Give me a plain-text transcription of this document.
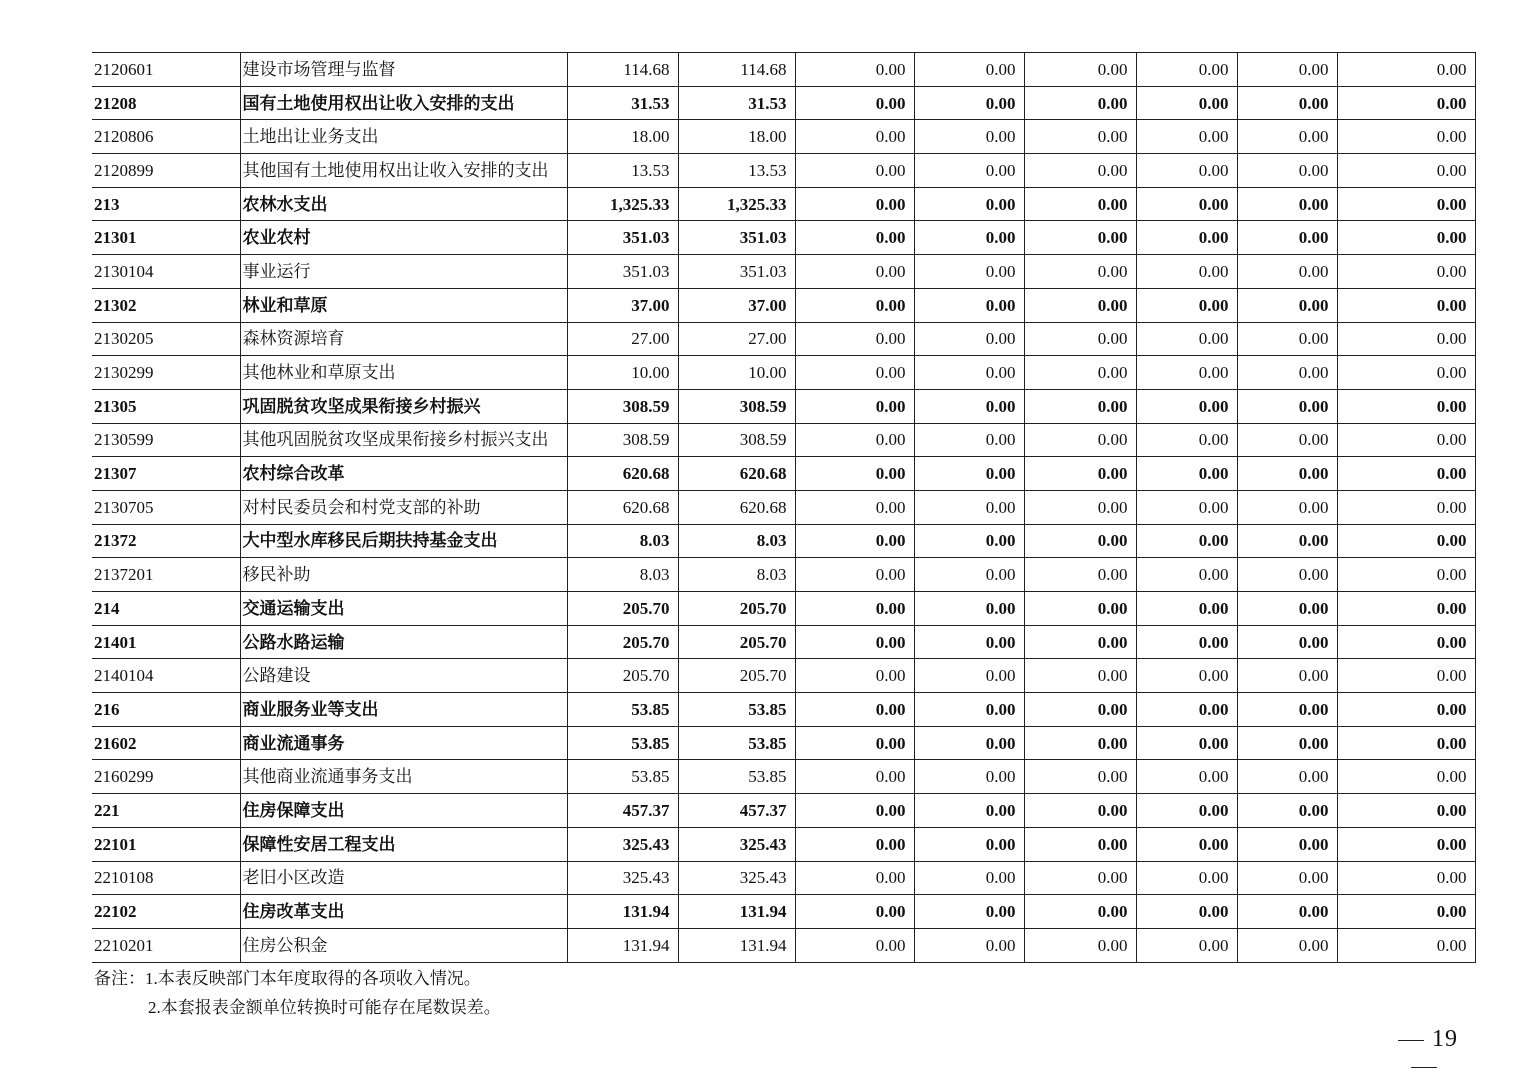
2120601	建设市场管理与监督	114.68	114.68	0.00	0.00	0.00	0.00	0.00	0.00
21208	国有土地使用权出让收入安排的支出	31.53	31.53	0.00	0.00	0.00	0.00	0.00	0.00
2120806	土地出让业务支出	18.00	18.00	0.00	0.00	0.00	0.00	0.00	0.00
2120899	其他国有土地使用权出让收入安排的支出	13.53	13.53	0.00	0.00	0.00	0.00	0.00	0.00
213	农林水支出	1,325.33	1,325.33	0.00	0.00	0.00	0.00	0.00	0.00
21301	农业农村	351.03	351.03	0.00	0.00	0.00	0.00	0.00	0.00
2130104	事业运行	351.03	351.03	0.00	0.00	0.00	0.00	0.00	0.00
21302	林业和草原	37.00	37.00	0.00	0.00	0.00	0.00	0.00	0.00
2130205	森林资源培育	27.00	27.00	0.00	0.00	0.00	0.00	0.00	0.00
2130299	其他林业和草原支出	10.00	10.00	0.00	0.00	0.00	0.00	0.00	0.00
21305	巩固脱贫攻坚成果衔接乡村振兴	308.59	308.59	0.00	0.00	0.00	0.00	0.00	0.00
2130599	其他巩固脱贫攻坚成果衔接乡村振兴支出	308.59	308.59	0.00	0.00	0.00	0.00	0.00	0.00
21307	农村综合改革	620.68	620.68	0.00	0.00	0.00	0.00	0.00	0.00
2130705	对村民委员会和村党支部的补助	620.68	620.68	0.00	0.00	0.00	0.00	0.00	0.00
21372	大中型水库移民后期扶持基金支出	8.03	8.03	0.00	0.00	0.00	0.00	0.00	0.00
2137201	移民补助	8.03	8.03	0.00	0.00	0.00	0.00	0.00	0.00
214	交通运输支出	205.70	205.70	0.00	0.00	0.00	0.00	0.00	0.00
21401	公路水路运输	205.70	205.70	0.00	0.00	0.00	0.00	0.00	0.00
2140104	公路建设	205.70	205.70	0.00	0.00	0.00	0.00	0.00	0.00
216	商业服务业等支出	53.85	53.85	0.00	0.00	0.00	0.00	0.00	0.00
21602	商业流通事务	53.85	53.85	0.00	0.00	0.00	0.00	0.00	0.00
2160299	其他商业流通事务支出	53.85	53.85	0.00	0.00	0.00	0.00	0.00	0.00
221	住房保障支出	457.37	457.37	0.00	0.00	0.00	0.00	0.00	0.00
22101	保障性安居工程支出	325.43	325.43	0.00	0.00	0.00	0.00	0.00	0.00
2210108	老旧小区改造	325.43	325.43	0.00	0.00	0.00	0.00	0.00	0.00
22102	住房改革支出	131.94	131.94	0.00	0.00	0.00	0.00	0.00	0.00
2210201	住房公积金	131.94	131.94	0.00	0.00	0.00	0.00	0.00	0.00
备注：1.本表反映部门本年度取得的各项收入情况。
2.本套报表金额单位转换时可能存在尾数误差。
19
